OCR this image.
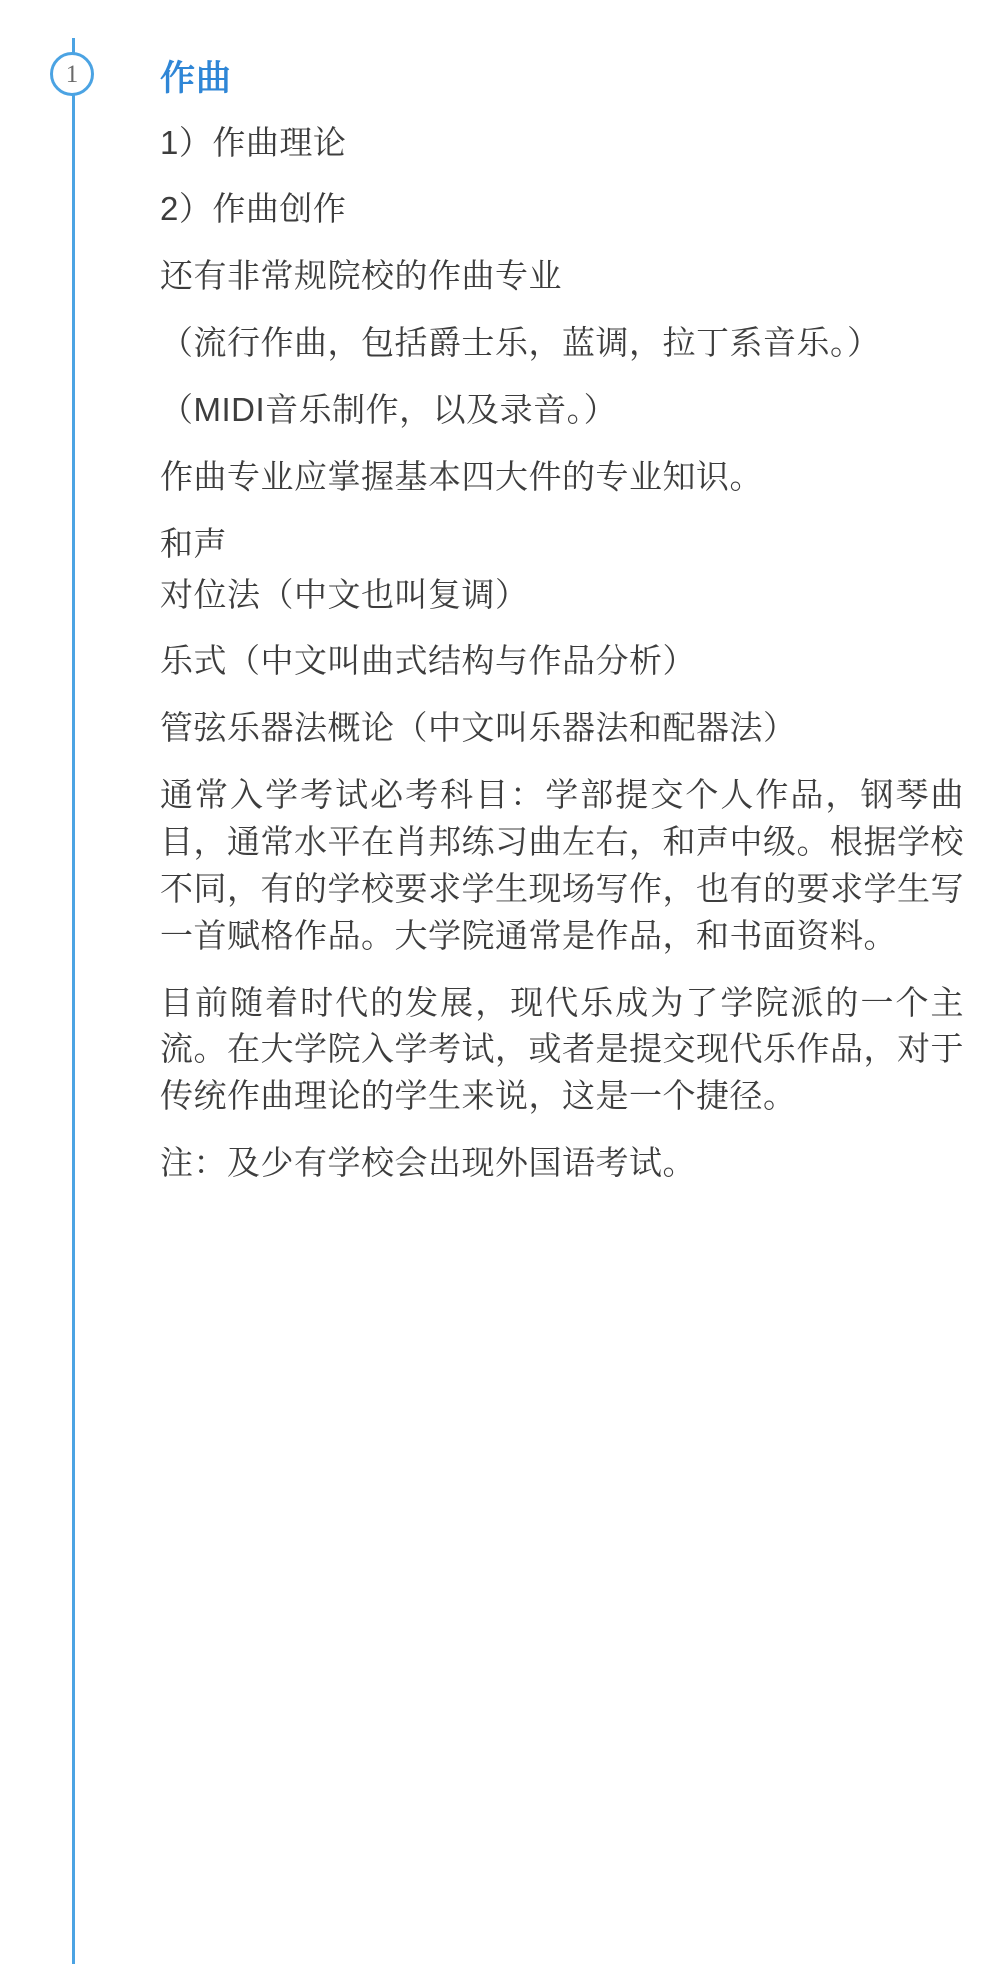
1	作曲

1）作曲理论

2）作曲创作

还有非常规院校的作曲专业

（流行作曲，包括爵士乐，蓝调，拉丁系音乐。）

（MIDI音乐制作，以及录音。）

作曲专业应掌握基本四大件的专业知识。

和声

对位法（中文也叫复调）

乐式（中文叫曲式结构与作品分析）

管弦乐器法概论（中文叫乐器法和配器法）

通常入学考试必考科目：学部提交个人作品，钢琴曲目，通常水平在肖邦练习曲左右，和声中级。根据学校不同，有的学校要求学生现场写作，也有的要求学生写一首赋格作品。大学院通常是作品，和书面资料。

目前随着时代的发展，现代乐成为了学院派的一个主流。在大学院入学考试，或者是提交现代乐作品，对于传统作曲理论的学生来说，这是一个捷径。

注：及少有学校会出现外国语考试。
